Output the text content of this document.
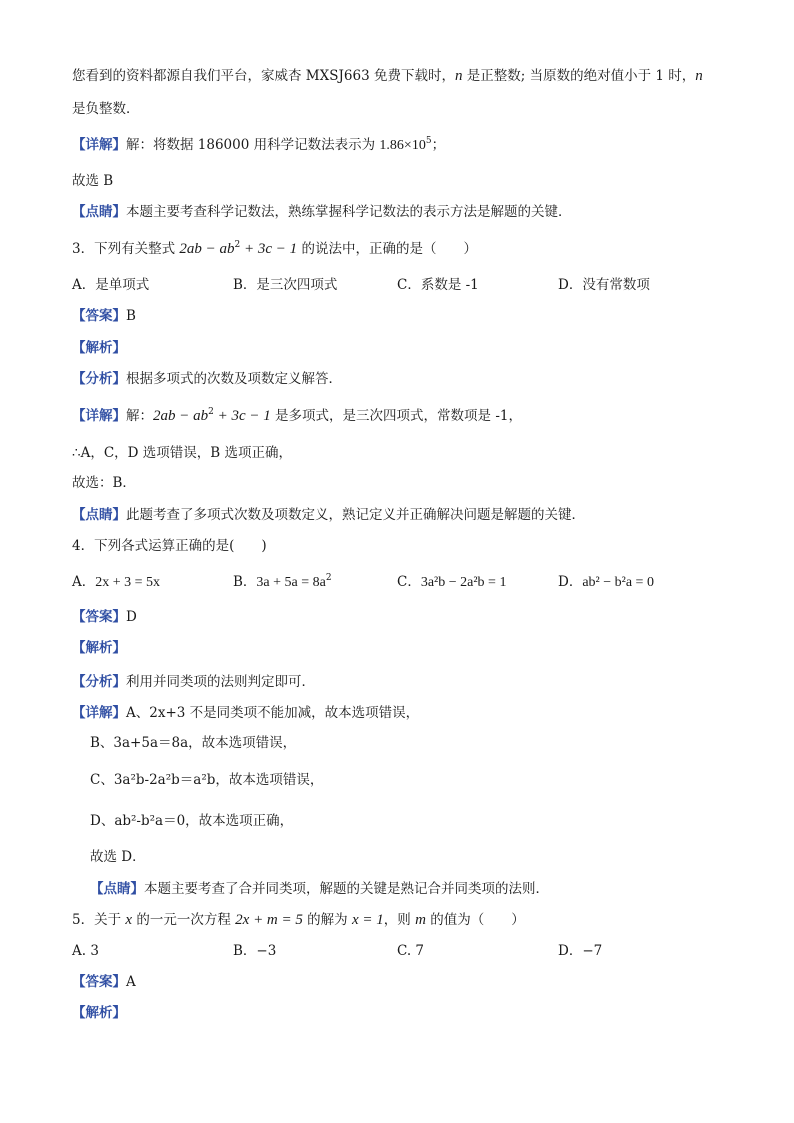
您看到的资料都源自我们平台，家威杏 MXSJ663 免费下载时，n 是正整数; 当原数的绝对值小于 1 时，n
是负整数．
【详解】解：将数据 186000 用科学记数法表示为 $1.86\times 10^5$；
故选 B
【点睛】本题主要考查科学记数法，熟练掌握科学记数法的表示方法是解题的关键．
3．下列有关整式 $2ab - ab^2 + 3c - 1$ 的说法中，正确的是（　　）
A．是单项式	B．是三次四项式	C．系数是 -1	D．没有常数项
【答案】B
【解析】
【分析】根据多项式的次数及项数定义解答．
【详解】解：$2ab - ab^2 + 3c - 1$ 是多项式，是三次四项式，常数项是 -1，
∴A，C，D 选项错误，B 选项正确，
故选：B．
【点睛】此题考查了多项式次数及项数定义，熟记定义并正确解决问题是解题的关键．
4．下列各式运算正确的是(　　)
A．2x + 3 = 5x	B．$3a + 5a = 8a^2$	C．3a²b − 2a²b = 1	D．ab² − b²a = 0
【答案】D
【解析】
【分析】利用并同类项的法则判定即可．
【详解】A、2x+3 不是同类项不能加减，故本选项错误，
B、3a+5a＝8a，故本选项错误，
C、3a²b-2a²b＝a²b，故本选项错误，
D、ab²-b²a＝0，故本选项正确，
故选 D．
【点睛】本题主要考查了合并同类项，解题的关键是熟记合并同类项的法则．
5．关于 x 的一元一次方程 2x + m = 5 的解为 x = 1，则 m 的值为（　　）
A. 3	B．−3	C. 7	D．−7
【答案】A
【解析】
